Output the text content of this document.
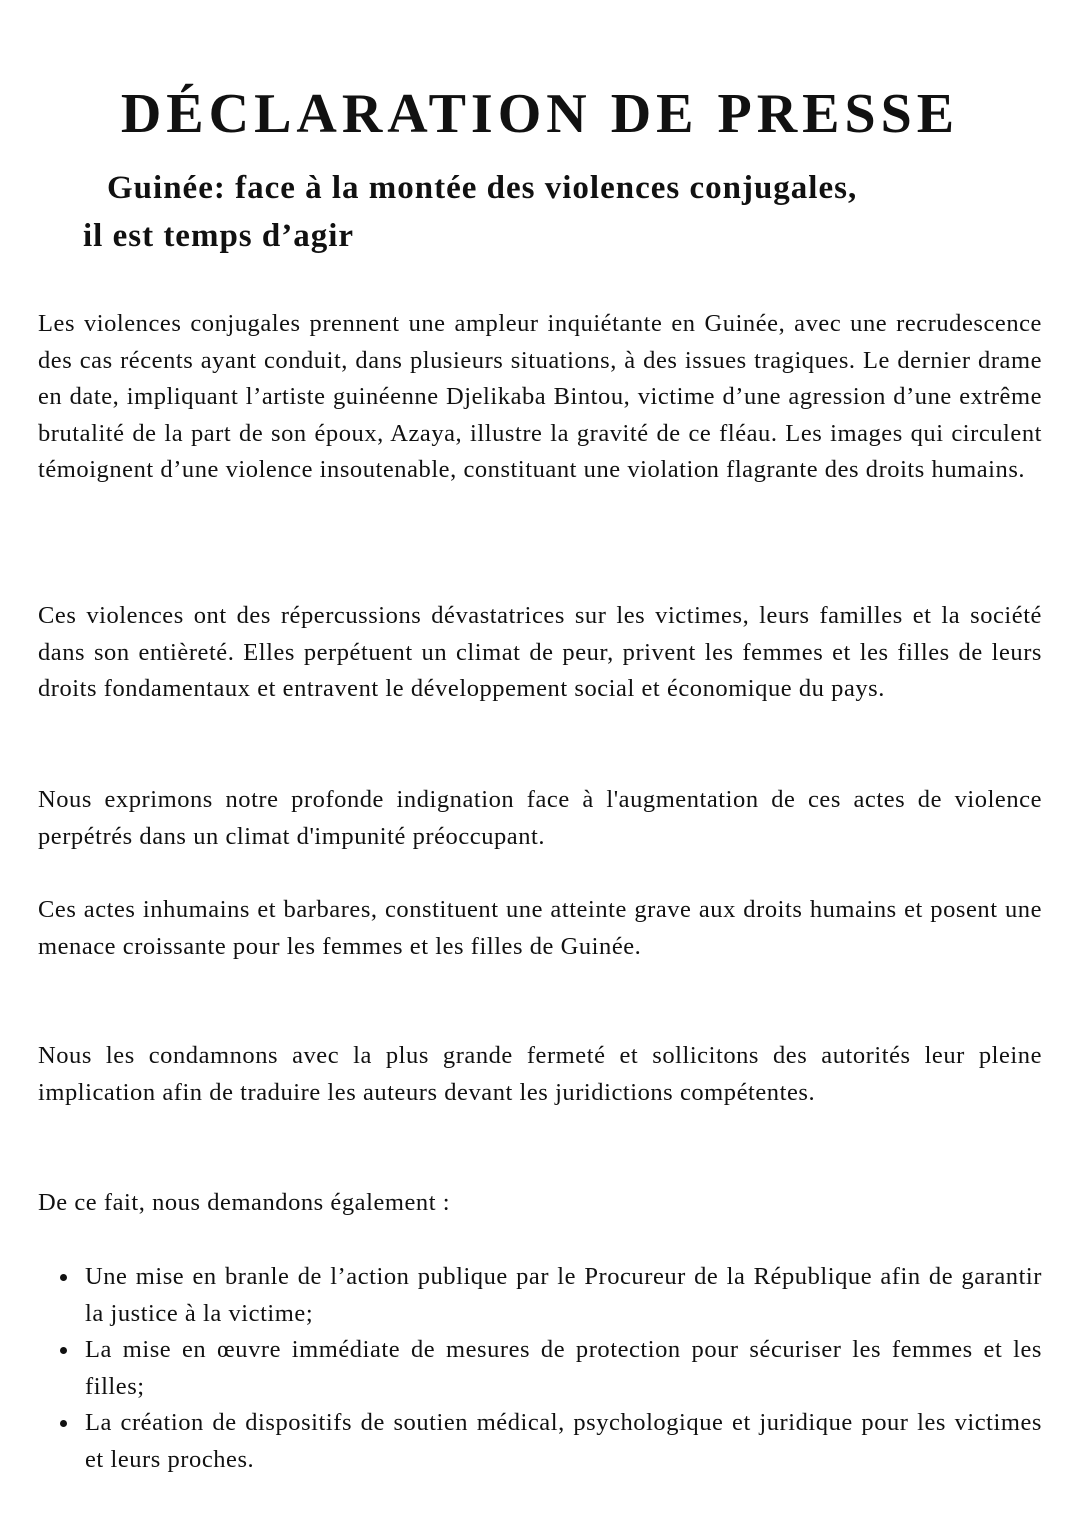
DÉCLARATION DE PRESSE
Guinée: face à la montée des violences conjugales,
il est temps d’agir

Les violences conjugales prennent une ampleur inquiétante en Guinée, avec une recrudescence des cas récents ayant conduit, dans plusieurs situations, à des issues tragiques. Le dernier drame en date, impliquant l’artiste guinéenne Djelikaba Bintou, victime d’une agression d’une extrême brutalité de la part de son époux, Azaya, illustre la gravité de ce fléau. Les images qui circulent témoignent d’une violence insoutenable, constituant une violation flagrante des droits humains.

Ces violences ont des répercussions dévastatrices sur les victimes, leurs familles et la société dans son entièreté. Elles perpétuent un climat de peur, privent les femmes et les filles de leurs droits fondamentaux et entravent le développement social et économique du pays.

Nous exprimons notre profonde indignation face à l'augmentation de ces actes de violence perpétrés dans un climat d'impunité préoccupant.

Ces actes inhumains et barbares, constituent une atteinte grave aux droits humains et posent une menace croissante pour les femmes et les filles de Guinée.

Nous les condamnons avec la plus grande fermeté et sollicitons des autorités leur pleine implication afin de traduire les auteurs devant les juridictions compétentes.

De ce fait, nous demandons également :

Une mise en branle de l’action publique par le Procureur de la République afin de garantir la justice à la victime;
La mise en œuvre immédiate de mesures de protection pour sécuriser les femmes et les filles;
La création de dispositifs de soutien médical, psychologique et juridique pour les victimes et leurs proches.
